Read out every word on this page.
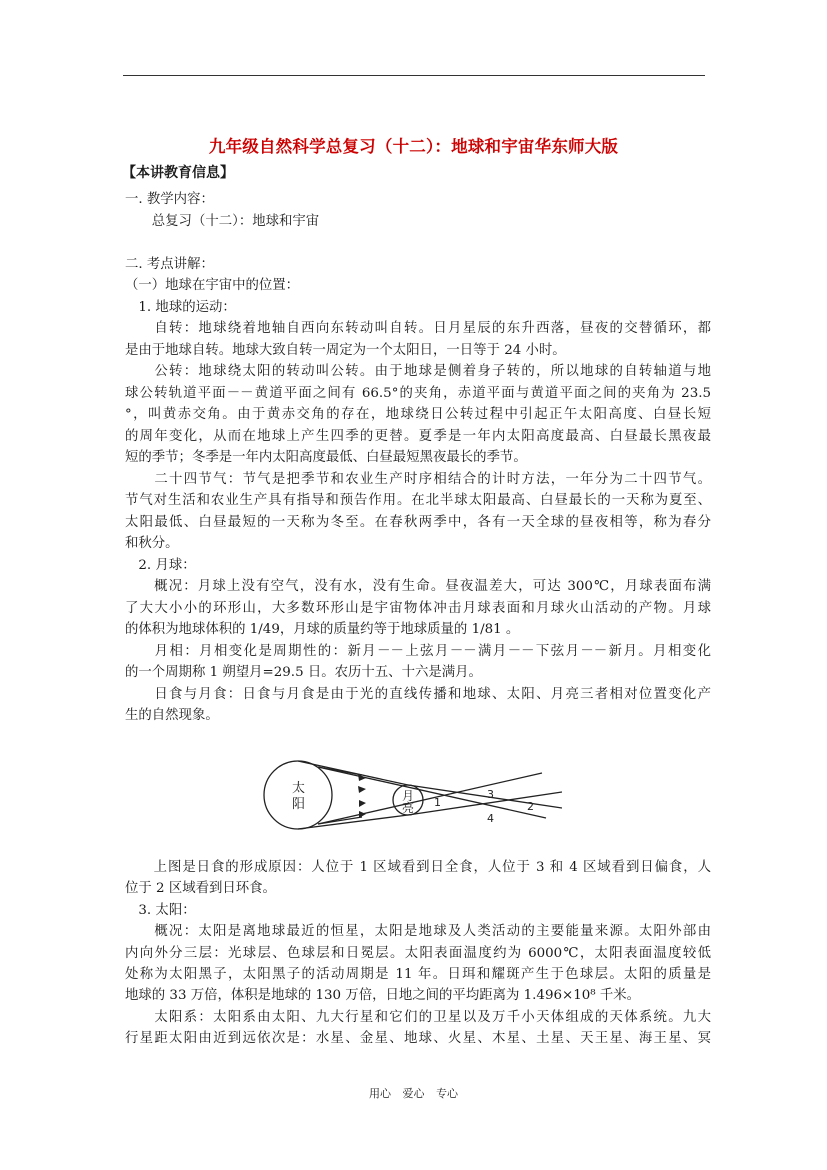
九年级自然科学总复习（十二）：地球和宇宙华东师大版
【本讲教育信息】
一. 教学内容：
　　总复习（十二）：地球和宇宙
二. 考点讲解：
（一）地球在宇宙中的位置：
　1. 地球的运动：
　　自转：地球绕着地轴自西向东转动叫自转。日月星辰的东升西落，昼夜的交替循环，都
是由于地球自转。地球大致自转一周定为一个太阳日，一日等于 24 小时。
　　公转：地球绕太阳的转动叫公转。由于地球是侧着身子转的，所以地球的自转轴道与地
球公转轨道平面－－黄道平面之间有 66.5°的夹角，赤道平面与黄道平面之间的夹角为 23.5
°，叫黄赤交角。由于黄赤交角的存在，地球绕日公转过程中引起正午太阳高度、白昼长短
的周年变化，从而在地球上产生四季的更替。夏季是一年内太阳高度最高、白昼最长黑夜最
短的季节；冬季是一年内太阳高度最低、白昼最短黑夜最长的季节。
　　二十四节气：节气是把季节和农业生产时序相结合的计时方法，一年分为二十四节气。
节气对生活和农业生产具有指导和预告作用。在北半球太阳最高、白昼最长的一天称为夏至、
太阳最低、白昼最短的一天称为冬至。在春秋两季中，各有一天全球的昼夜相等，称为春分
和秋分。
　2. 月球：
　　概况：月球上没有空气，没有水，没有生命。昼夜温差大，可达 300℃，月球表面布满
了大大小小的环形山，大多数环形山是宇宙物体冲击月球表面和月球火山活动的产物。月球
的体积为地球体积的 1/49，月球的质量约等于地球质量的 1/81 。
　　月相：月相变化是周期性的：新月－－上弦月－－满月－－下弦月－－新月。月相变化
的一个周期称 1 朔望月=29.5 日。农历十五、十六是满月。
　　日食与月食：日食与月食是由于光的直线传播和地球、太阳、月亮三者相对位置变化产
生的自然现象。
太
阳
月
亮 1	2
3
4
　　上图是日食的形成原因：人位于 1 区域看到日全食，人位于 3 和 4 区域看到日偏食，人
位于 2 区域看到日环食。
　3. 太阳：
　　概况：太阳是离地球最近的恒星，太阳是地球及人类活动的主要能量来源。太阳外部由
内向外分三层：光球层、色球层和日冕层。太阳表面温度约为 6000℃，太阳表面温度较低
处称为太阳黑子，太阳黑子的活动周期是 11 年。日珥和耀斑产生于色球层。太阳的质量是
地球的 33 万倍，体积是地球的 130 万倍，日地之间的平均距离为 1.496×10⁸ 千米。
　　太阳系：太阳系由太阳、九大行星和它们的卫星以及万千小天体组成的天体系统。九大
行星距太阳由近到远依次是：水星、金星、地球、火星、木星、土星、天王星、海王星、冥
用心 爱心 专心
